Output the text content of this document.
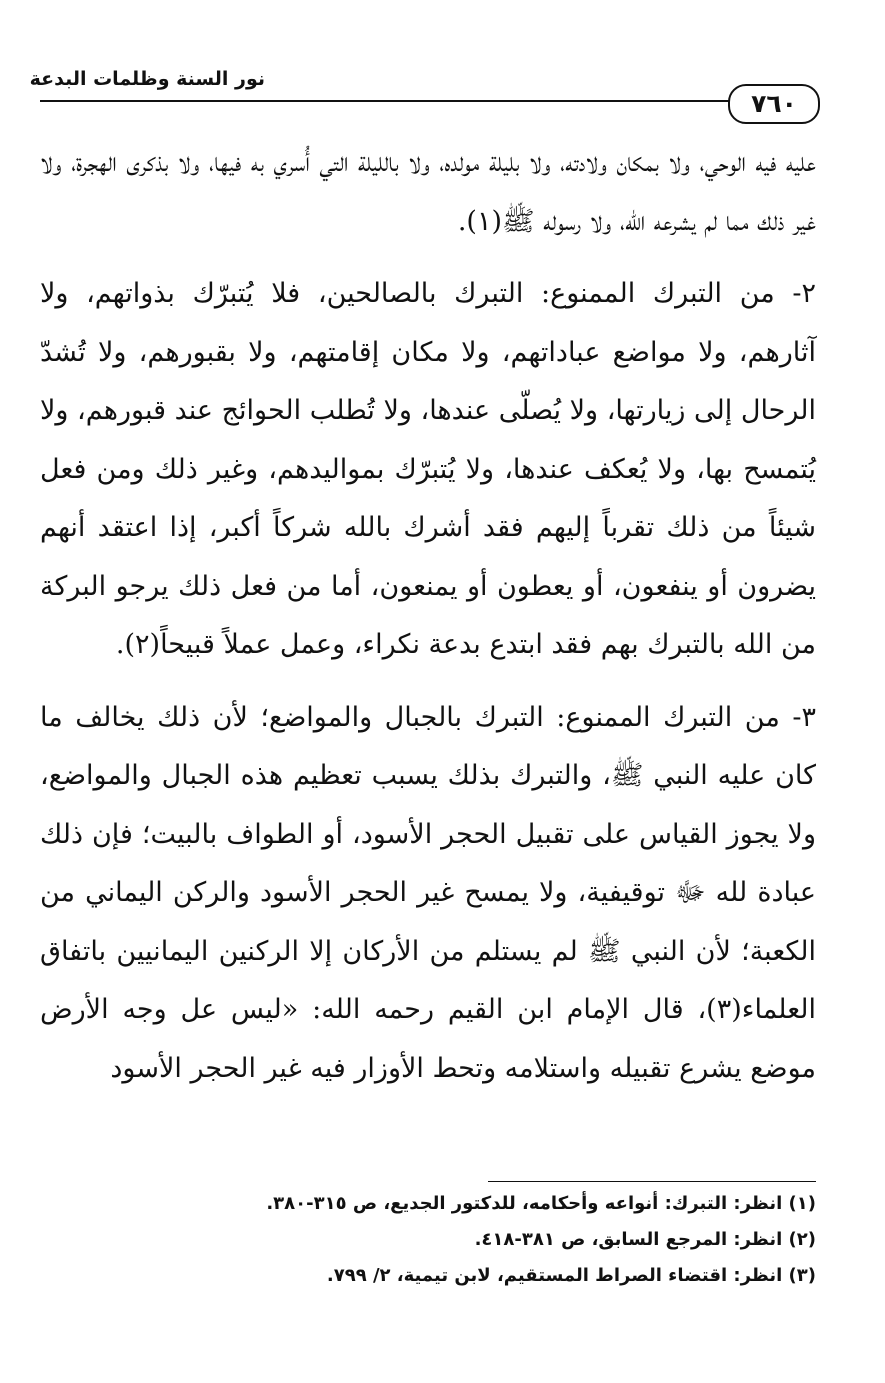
نور السنة وظلمات البدعة
٧٦٠

عليه فيه الوحي، ولا بمكان ولادته، ولا بليلة مولده، ولا بالليلة التي أُسري به فيها، ولا بذكرى الهجرة، ولا غير ذلك مما لم يشرعه الله، ولا رسوله ﷺ(١).

٢- من التبرك الممنوع: التبرك بالصالحين، فلا يُتبرّك بذواتهم، ولا آثارهم، ولا مواضع عباداتهم، ولا مكان إقامتهم، ولا بقبورهم، ولا تُشدّ الرحال إلى زيارتها، ولا يُصلّى عندها، ولا تُطلب الحوائج عند قبورهم، ولا يُتمسح بها، ولا يُعكف عندها، ولا يُتبرّك بمواليدهم، وغير ذلك ومن فعل شيئاً من ذلك تقرباً إليهم فقد أشرك بالله شركاً أكبر، إذا اعتقد أنهم يضرون أو ينفعون، أو يعطون أو يمنعون، أما من فعل ذلك يرجو البركة من الله بالتبرك بهم فقد ابتدع بدعة نكراء، وعمل عملاً قبيحاً(٢).

٣- من التبرك الممنوع: التبرك بالجبال والمواضع؛ لأن ذلك يخالف ما كان عليه النبي ﷺ، والتبرك بذلك يسبب تعظيم هذه الجبال والمواضع، ولا يجوز القياس على تقبيل الحجر الأسود، أو الطواف بالبيت؛ فإن ذلك عبادة لله ﷻ توقيفية، ولا يمسح غير الحجر الأسود والركن اليماني من الكعبة؛ لأن النبي ﷺ لم يستلم من الأركان إلا الركنين اليمانيين باتفاق العلماء(٣)، قال الإمام ابن القيم رحمه الله: «ليس عل وجه الأرض موضع يشرع تقبيله واستلامه وتحط الأوزار فيه غير الحجر الأسود

(١) انظر: التبرك: أنواعه وأحكامه، للدكتور الجديع، ص ٣١٥-٣٨٠.
(٢) انظر: المرجع السابق، ص ٣٨١-٤١٨.
(٣) انظر: اقتضاء الصراط المستقيم، لابن تيمية، ٢/ ٧٩٩.
